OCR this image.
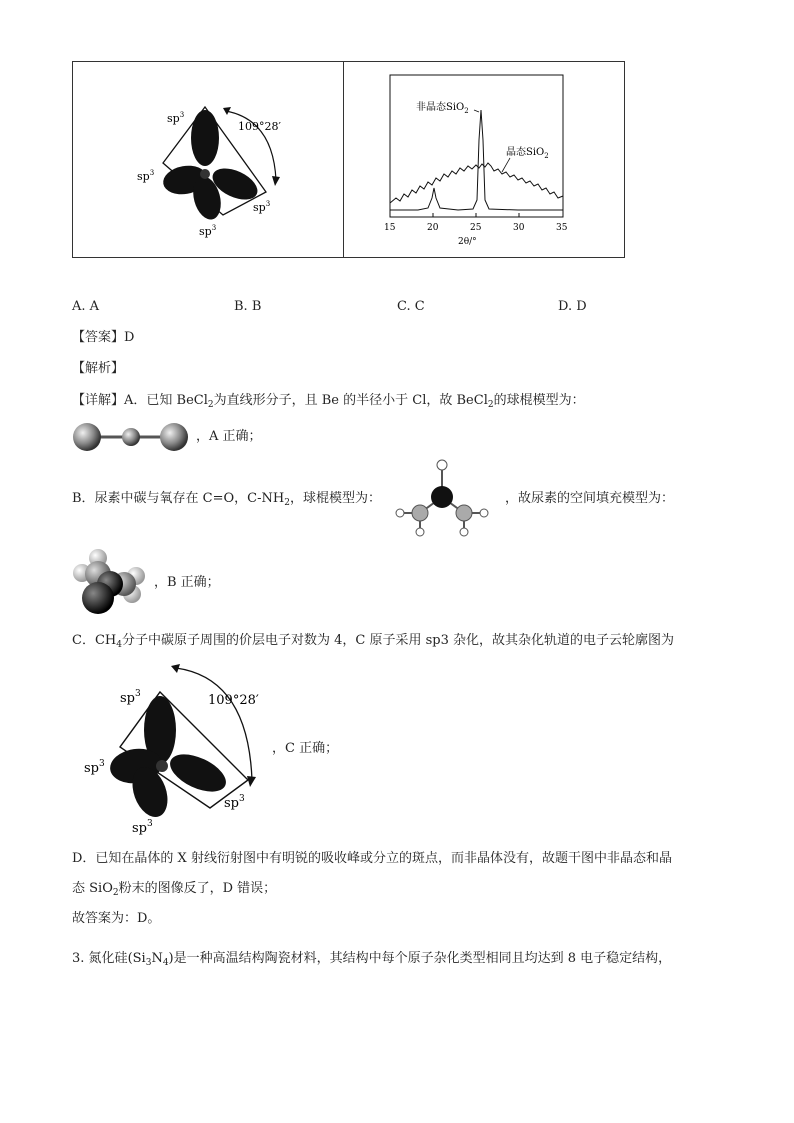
$sp^3$
$sp^3$
$sp^3$
$sp^3$
109°28′
15	20	25	30	35
2θ/°
非晶态SiO$_2$
晶态SiO$_2$
A. A	B. B	C. C	D. D
【答案】D
【解析】
【详解】A．已知 BeCl$_2$为直线形分子，且 Be 的半径小于 Cl，故 BeCl$_2$的球棍模型为：
，A 正确；
B．尿素中碳与氧存在 C=O，$C-NH_2$，球棍模型为：	，故尿素的空间填充模型为：
，B 正确；
C．$CH_4$分子中碳原子周围的价层电子对数为 4，C 原子采用 sp3 杂化，故其杂化轨道的电子云轮廓图为
$sp^3$
$sp^3$
$sp^3$
$sp^3$
109°28′
，C 正确；
D．已知在晶体的 X 射线衍射图中有明锐的吸收峰或分立的斑点，而非晶体没有，故题干图中非晶态和晶
态 SiO$_2$粉末的图像反了，D 错误；
故答案为：D。
3. 氮化硅$(Si_3N_4)$是一种高温结构陶瓷材料，其结构中每个原子杂化类型相同且均达到 8 电子稳定结构，
